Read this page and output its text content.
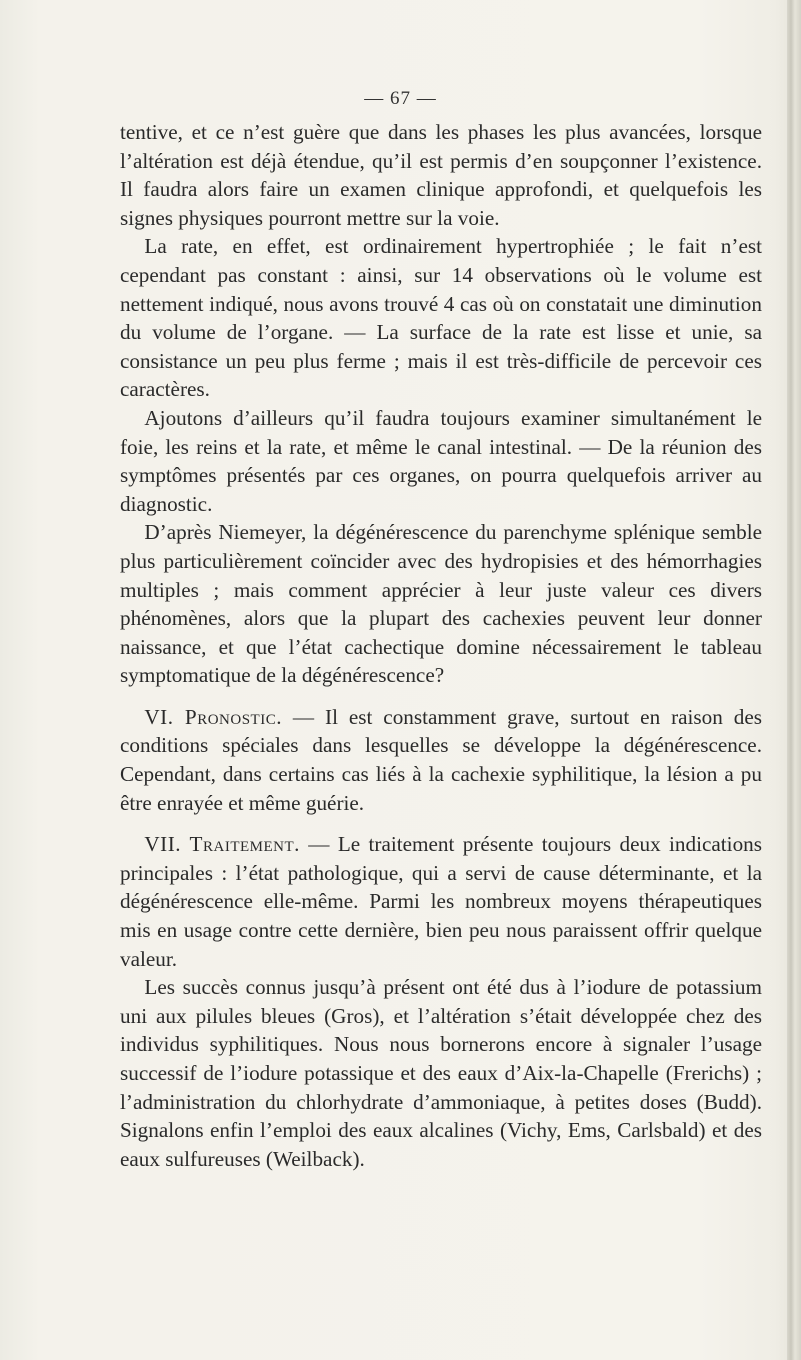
— 67 —

tentive, et ce n’est guère que dans les phases les plus avancées, lorsque l’altération est déjà étendue, qu’il est permis d’en soupçonner l’existence. Il faudra alors faire un examen clinique approfondi, et quelquefois les signes physiques pourront mettre sur la voie.

La rate, en effet, est ordinairement hypertrophiée ; le fait n’est cependant pas constant : ainsi, sur 14 observations où le volume est nettement indiqué, nous avons trouvé 4 cas où on constatait une diminution du volume de l’organe. — La surface de la rate est lisse et unie, sa consistance un peu plus ferme ; mais il est très-difficile de percevoir ces caractères.

Ajoutons d’ailleurs qu’il faudra toujours examiner simultanément le foie, les reins et la rate, et même le canal intestinal. — De la réunion des symptômes présentés par ces organes, on pourra quelquefois arriver au diagnostic.

D’après Niemeyer, la dégénérescence du parenchyme splénique semble plus particulièrement coïncider avec des hydropisies et des hémorrhagies multiples ; mais comment apprécier à leur juste valeur ces divers phénomènes, alors que la plupart des cachexies peuvent leur donner naissance, et que l’état cachectique domine nécessairement le tableau symptomatique de la dégénérescence?

VI. Pronostic. — Il est constamment grave, surtout en raison des conditions spéciales dans lesquelles se développe la dégénérescence. Cependant, dans certains cas liés à la cachexie syphilitique, la lésion a pu être enrayée et même guérie.

VII. Traitement. — Le traitement présente toujours deux indications principales : l’état pathologique, qui a servi de cause déterminante, et la dégénérescence elle-même. Parmi les nombreux moyens thérapeutiques mis en usage contre cette dernière, bien peu nous paraissent offrir quelque valeur.

Les succès connus jusqu’à présent ont été dus à l’iodure de potassium uni aux pilules bleues (Gros), et l’altération s’était développée chez des individus syphilitiques. Nous nous bornerons encore à signaler l’usage successif de l’iodure potassique et des eaux d’Aix-la-Chapelle (Frerichs) ; l’administration du chlorhydrate d’ammoniaque, à petites doses (Budd). Signalons enfin l’emploi des eaux alcalines (Vichy, Ems, Carlsbald) et des eaux sulfureuses (Weilback).
